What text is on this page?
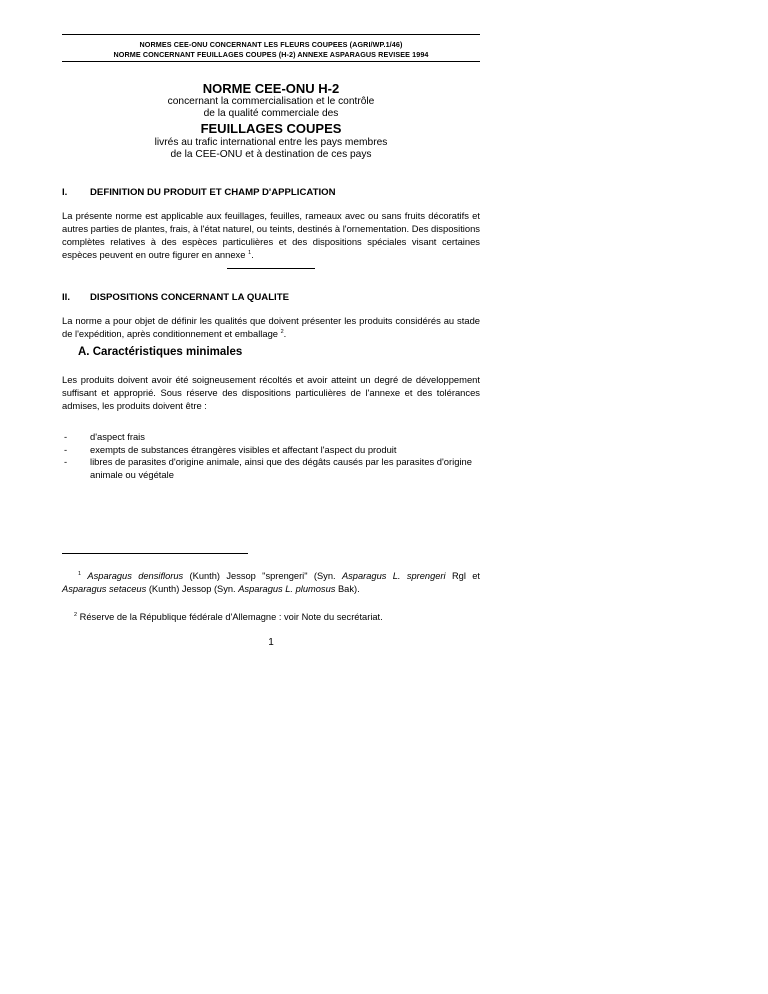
NORMES CEE-ONU CONCERNANT LES FLEURS COUPEES (AGRI/WP.1/46)
NORME CONCERNANT FEUILLAGES COUPES (H-2) ANNEXE ASPARAGUS REVISEE 1994
NORME CEE-ONU H-2
concernant la commercialisation et le contrôle
de la qualité commerciale des
FEUILLAGES COUPES
livrés au trafic international entre les pays membres
de la CEE-ONU et à destination de ces pays
I. DEFINITION DU PRODUIT ET CHAMP D'APPLICATION
La présente norme est applicable aux feuillages, feuilles, rameaux avec ou sans fruits décoratifs et autres parties de plantes, frais, à l'état naturel, ou teints, destinés à l'ornementation. Des dispositions complètes relatives à des espèces particulières et des dispositions spéciales visant certaines espèces peuvent en outre figurer en annexe $^1$.
II. DISPOSITIONS CONCERNANT LA QUALITE
La norme a pour objet de définir les qualités que doivent présenter les produits considérés au stade de l'expédition, après conditionnement et emballage $^2$.
A. Caractéristiques minimales
Les produits doivent avoir été soigneusement récoltés et avoir atteint un degré de développement suffisant et approprié. Sous réserve des dispositions particulières de l'annexe et des tolérances admises, les produits doivent être :
- d'aspect frais
- exempts de substances étrangères visibles et affectant l'aspect du produit
- libres de parasites d'origine animale, ainsi que des dégâts causés par les parasites d'origine animale ou végétale
$^1$ Asparagus densiflorus (Kunth) Jessop "sprengeri" (Syn. Asparagus L. sprengeri Rgl et Asparagus setaceus (Kunth) Jessop (Syn. Asparagus L. plumosus Bak).
$^2$ Réserve de la République fédérale d'Allemagne : voir Note du secrétariat.
1
